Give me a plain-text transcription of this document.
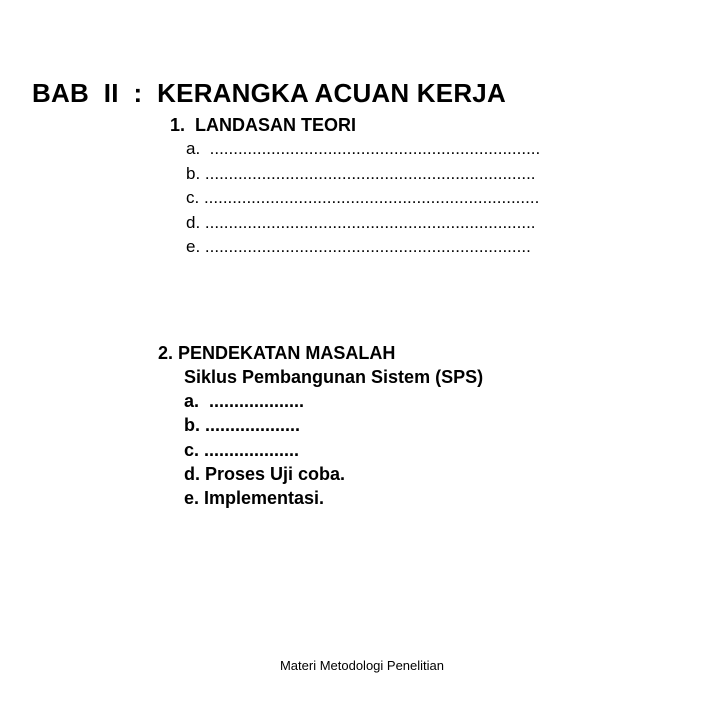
BAB  II  :  KERANGKA ACUAN KERJA
1.  LANDASAN TEORI
a.  ......................................................................
b. ......................................................................
c. .......................................................................
d. ......................................................................
e. .....................................................................
2. PENDEKATAN MASALAH
Siklus Pembangunan Sistem (SPS)
a.  ...................
b. ...................
c. ...................
d. Proses Uji coba.
e. Implementasi.
Materi Metodologi Penelitian
